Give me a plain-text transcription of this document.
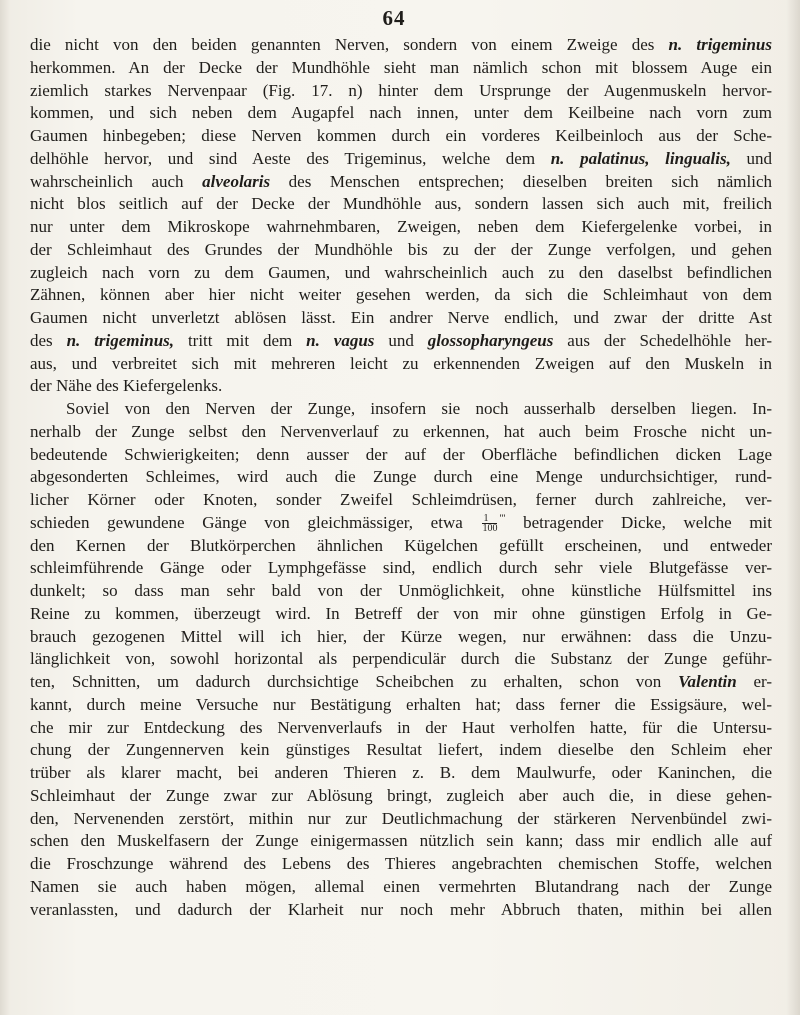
64
die nicht von den beiden genannten Nerven, sondern von einem Zweige des n. trigeminus
herkommen. An der Decke der Mundhöhle sieht man nämlich schon mit blossem Auge ein
ziemlich starkes Nervenpaar (Fig. 17. n) hinter dem Ursprunge der Augenmuskeln hervor-
kommen, und sich neben dem Augapfel nach innen, unter dem Keilbeine nach vorn zum
Gaumen hinbegeben; diese Nerven kommen durch ein vorderes Keilbeinloch aus der Sche-
delhöhle hervor, und sind Aeste des Trigeminus, welche dem n. palatinus, lingualis, und
wahrscheinlich auch alveolaris des Menschen entsprechen; dieselben breiten sich nämlich
nicht blos seitlich auf der Decke der Mundhöhle aus, sondern lassen sich auch mit, freilich
nur unter dem Mikroskope wahrnehmbaren, Zweigen, neben dem Kiefergelenke vorbei, in
der Schleimhaut des Grundes der Mundhöhle bis zu der der Zunge verfolgen, und gehen
zugleich nach vorn zu dem Gaumen, und wahrscheinlich auch zu den daselbst befindlichen
Zähnen, können aber hier nicht weiter gesehen werden, da sich die Schleimhaut von dem
Gaumen nicht unverletzt ablösen lässt. Ein andrer Nerve endlich, und zwar der dritte Ast
des n. trigeminus, tritt mit dem n. vagus und glossopharyngeus aus der Schedelhöhle her-
aus, und verbreitet sich mit mehreren leicht zu erkennenden Zweigen auf den Muskeln in
der Nähe des Kiefergelenks.
Soviel von den Nerven der Zunge, insofern sie noch ausserhalb derselben liegen. In-
nerhalb der Zunge selbst den Nervenverlauf zu erkennen, hat auch beim Frosche nicht un-
bedeutende Schwierigkeiten; denn ausser der auf der Oberfläche befindlichen dicken Lage
abgesonderten Schleimes, wird auch die Zunge durch eine Menge undurchsichtiger, rund-
licher Körner oder Knoten, sonder Zweifel Schleimdrüsen, ferner durch zahlreiche, ver-
schieden gewundene Gänge von gleichmässiger, etwa $\frac{1}{100} '''$ betragender Dicke, welche mit
den Kernen der Blutkörperchen ähnlichen Kügelchen gefüllt erscheinen, und entweder
schleimführende Gänge oder Lymphgefässe sind, endlich durch sehr viele Blutgefässe ver-
dunkelt; so dass man sehr bald von der Unmöglichkeit, ohne künstliche Hülfsmittel ins
Reine zu kommen, überzeugt wird. In Betreff der von mir ohne günstigen Erfolg in Ge-
brauch gezogenen Mittel will ich hier, der Kürze wegen, nur erwähnen: dass die Unzu-
länglichkeit von, sowohl horizontal als perpendiculär durch die Substanz der Zunge geführ-
ten, Schnitten, um dadurch durchsichtige Scheibchen zu erhalten, schon von Valentin er-
kannt, durch meine Versuche nur Bestätigung erhalten hat; dass ferner die Essigsäure, wel-
che mir zur Entdeckung des Nervenverlaufs in der Haut verholfen hatte, für die Untersu-
chung der Zungennerven kein günstiges Resultat liefert, indem dieselbe den Schleim eher
trüber als klarer macht, bei anderen Thieren z. B. dem Maulwurfe, oder Kaninchen, die
Schleimhaut der Zunge zwar zur Ablösung bringt, zugleich aber auch die, in diese gehen-
den, Nervenenden zerstört, mithin nur zur Deutlichmachung der stärkeren Nervenbündel zwi-
schen den Muskelfasern der Zunge einigermassen nützlich sein kann; dass mir endlich alle auf
die Froschzunge während des Lebens des Thieres angebrachten chemischen Stoffe, welchen
Namen sie auch haben mögen, allemal einen vermehrten Blutandrang nach der Zunge
veranlassten, und dadurch der Klarheit nur noch mehr Abbruch thaten, mithin bei allen
